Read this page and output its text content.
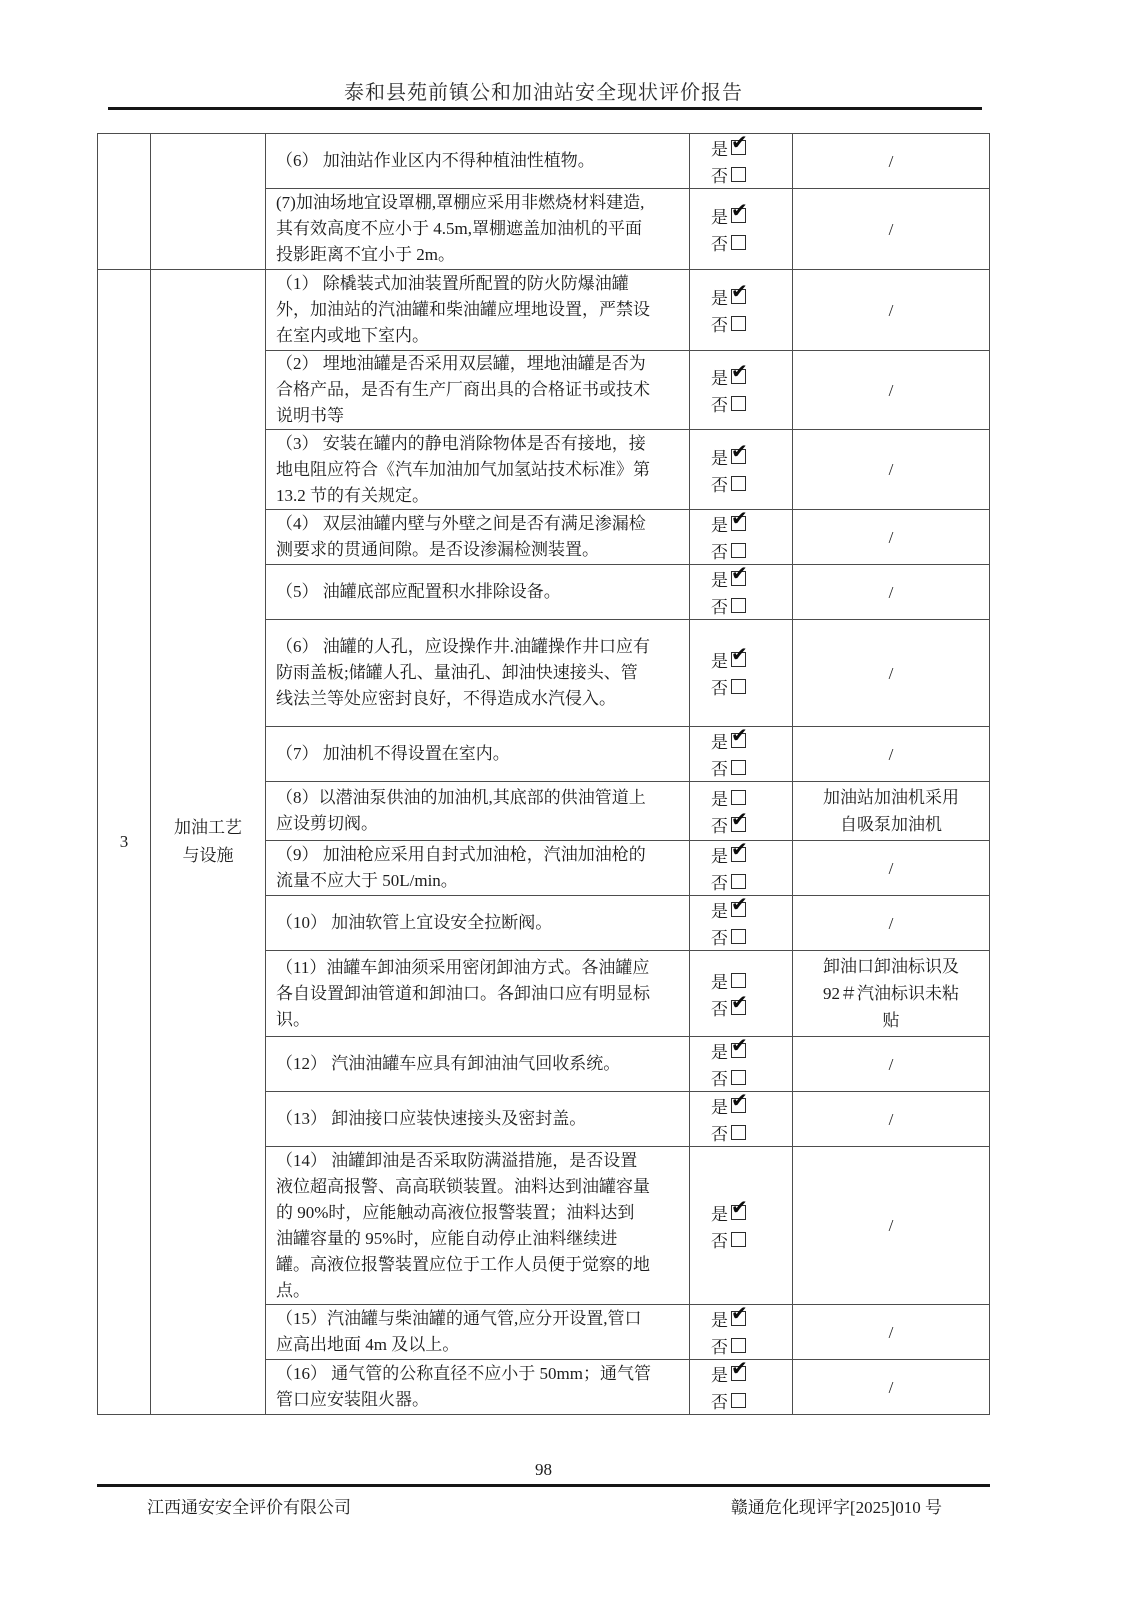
泰和县苑前镇公和加油站安全现状评价报告
（6） 加油站作业区内不得种植油性植物。
是 ✔
否
/
(7)加油场地宜设罩棚,罩棚应采用非燃烧材料建造,其有效高度不应小于 4.5m,罩棚遮盖加油机的平面投影距离不宜小于 2m。
是 ✔
否
/
3
加油工艺与设施
（1） 除橇装式加油装置所配置的防火防爆油罐外，加油站的汽油罐和柴油罐应埋地设置，严禁设在室内或地下室内。
是 ✔
否
/
（2） 埋地油罐是否采用双层罐，埋地油罐是否为合格产品，是否有生产厂商出具的合格证书或技术说明书等
是 ✔
否
/
（3） 安装在罐内的静电消除物体是否有接地，接地电阻应符合《汽车加油加气加氢站技术标准》第 13.2 节的有关规定。
是 ✔
否
/
（4） 双层油罐内壁与外壁之间是否有满足渗漏检测要求的贯通间隙。是否设渗漏检测装置。
是 ✔
否
/
（5） 油罐底部应配置积水排除设备。
是 ✔
否
/
（6） 油罐的人孔，应设操作井.油罐操作井口应有防雨盖板;储罐人孔、量油孔、卸油快速接头、管线法兰等处应密封良好，不得造成水汽侵入。
是 ✔
否
/
（7） 加油机不得设置在室内。
是 ✔
否
/
（8）以潜油泵供油的加油机,其底部的供油管道上应设剪切阀。
是
否 ✔
加油站加油机采用自吸泵加油机
（9） 加油枪应采用自封式加油枪，汽油加油枪的流量不应大于 50L/min。
是 ✔
否
/
（10） 加油软管上宜设安全拉断阀。
是 ✔
否
/
（11）油罐车卸油须采用密闭卸油方式。各油罐应各自设置卸油管道和卸油口。各卸油口应有明显标识。
是
否 ✔
卸油口卸油标识及92＃汽油标识未粘贴
（12） 汽油油罐车应具有卸油油气回收系统。
是 ✔
否
/
（13） 卸油接口应装快速接头及密封盖。
是 ✔
否
/
（14） 油罐卸油是否采取防满溢措施，是否设置液位超高报警、高高联锁装置。油料达到油罐容量的 90%时，应能触动高液位报警装置；油料达到油罐容量的 95%时，应能自动停止油料继续进罐。高液位报警装置应位于工作人员便于觉察的地点。
是 ✔
否
/
（15）汽油罐与柴油罐的通气管,应分开设置,管口应高出地面 4m 及以上。
是 ✔
否
/
（16） 通气管的公称直径不应小于 50mm；通气管管口应安装阻火器。
是 ✔
否
/
98
江西通安安全评价有限公司	赣通危化现评字[2025]010 号
